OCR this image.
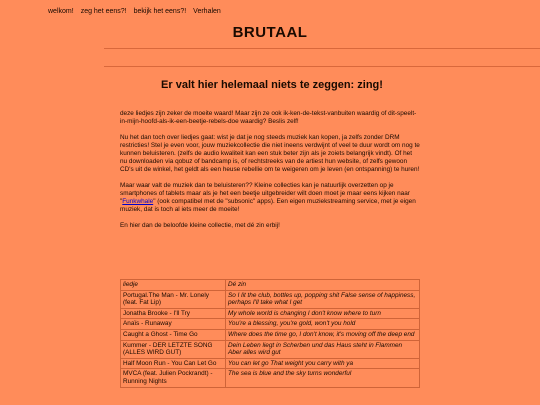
welkom! zeg het eens?! bekijk het eens?! Verhalen
BRUTAAL
Er valt hier helemaal niets te zeggen: zing!

deze liedjes zijn zeker de moeite waard! Maar zijn ze ook ik-ken-de-tekst-vanbuiten waardig of dit-speelt-in-mijn-hoofd-als-ik-een-beetje-rebels-doe waardig? Beslis zelf!

Nu het dan toch over liedjes gaat: wist je dat je nog steeds muziek kan kopen, ja zelfs zonder DRM restricties! Stel je even voor, jouw muziekcollectie die niet ineens verdwijnt of veel te duur wordt om nog te kunnen beluisteren. (zelfs de audio kwaliteit kan een stuk beter zijn als je zoiets belangrijk vindt). Of het nu downloaden via qobuz of bandcamp is, of rechtstreeks van de artiest hun website, of zelfs gewoon CD's uit de winkel, het geldt als een heuse rebellie om te weigeren om je leven (en ontspanning) te huren!

Maar waar valt de muziek dan te beluisteren?? Kleine collecties kan je natuurlijk overzetten op je smartphones of tablets maar als je het een beetje uitgebreider wilt doen moet je maar eens kijken naar "Funkwhale" (ook compatibel met de "subsonic" apps). Een eigen muziekstreaming service, met je eigen muziek, dat is toch al iets meer de moeite!

En hier dan de beloofde kleine collectie, met dé zin erbij!

liedje	Dé zin
Portugal.The Man - Mr. Lonely (feat. Fat Lip)	So I lit the club, bottles up, popping shit False sense of happiness, perhaps I'll take what I get
Jonatha Brooke - I'll Try	My whole world is changing I don't know where to turn
Anaïs - Runaway	You're a blessing, you're gold, won't you hold
Caught a Ghost - Time Go	Where does the time go, I don't know, it's moving off the deep end
Kummer - DER LETZTE SONG (ALLES WIRD GUT)	Dein Leben liegt in Scherben und das Haus steht in Flammen Aber alles wird gut
Half Moon Run - You Can Let Go	You can let go That weight you carry with ya
MVCA (feat. Julien Pockrandt) - Running Nights	The sea is blue and the sky turns wonderful
